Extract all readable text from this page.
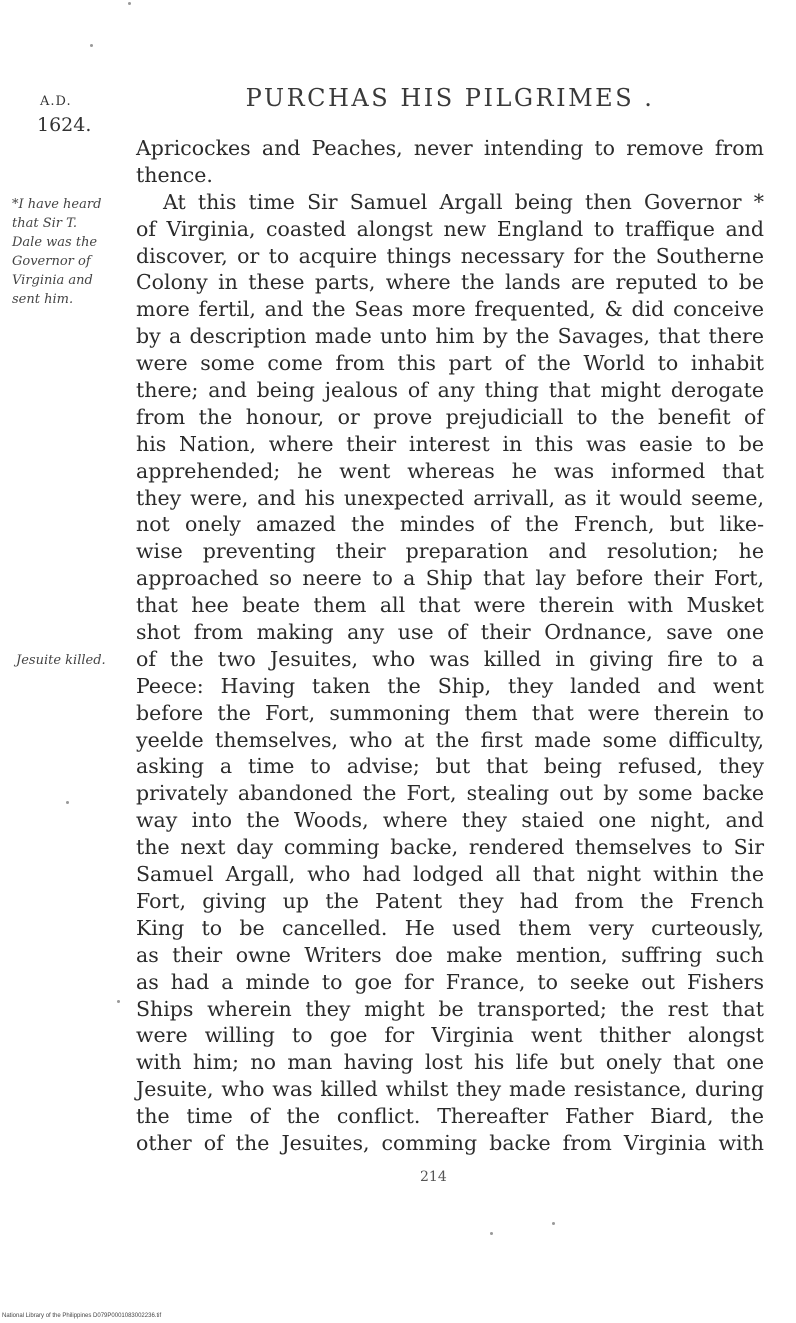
A.D.
1624.
PURCHAS HIS PILGRIMES .
*I have heard
that Sir T.
Dale was the
Governor of
Virginia and
sent him.
Jesuite killed.
Apricockes and Peaches, never intending to remove from
thence.
At this time Sir Samuel Argall being then Governor *
of Virginia, coasted alongst new England to traffique and
discover, or to acquire things necessary for the Southerne
Colony in these parts, where the lands are reputed to be
more fertil, and the Seas more frequented, & did conceive
by a description made unto him by the Savages, that there
were some come from this part of the World to inhabit
there; and being jealous of any thing that might derogate
from the honour, or prove prejudiciall to the benefit of
his Nation, where their interest in this was easie to be
apprehended; he went whereas he was informed that
they were, and his unexpected arrivall, as it would seeme,
not onely amazed the mindes of the French, but like-
wise preventing their preparation and resolution; he
approached so neere to a Ship that lay before their Fort,
that hee beate them all that were therein with Musket
shot from making any use of their Ordnance, save one
of the two Jesuites, who was killed in giving fire to a
Peece: Having taken the Ship, they landed and went
before the Fort, summoning them that were therein to
yeelde themselves, who at the first made some difficulty,
asking a time to advise; but that being refused, they
privately abandoned the Fort, stealing out by some backe
way into the Woods, where they staied one night, and
the next day comming backe, rendered themselves to Sir
Samuel Argall, who had lodged all that night within the
Fort, giving up the Patent they had from the French
King to be cancelled. He used them very curteously,
as their owne Writers doe make mention, suffring such
as had a minde to goe for France, to seeke out Fishers
Ships wherein they might be transported; the rest that
were willing to goe for Virginia went thither alongst
with him; no man having lost his life but onely that one
Jesuite, who was killed whilst they made resistance, during
the time of the conflict. Thereafter Father Biard, the
other of the Jesuites, comming backe from Virginia with
214
National Library of the Philippines D079P0001083002236.tif
